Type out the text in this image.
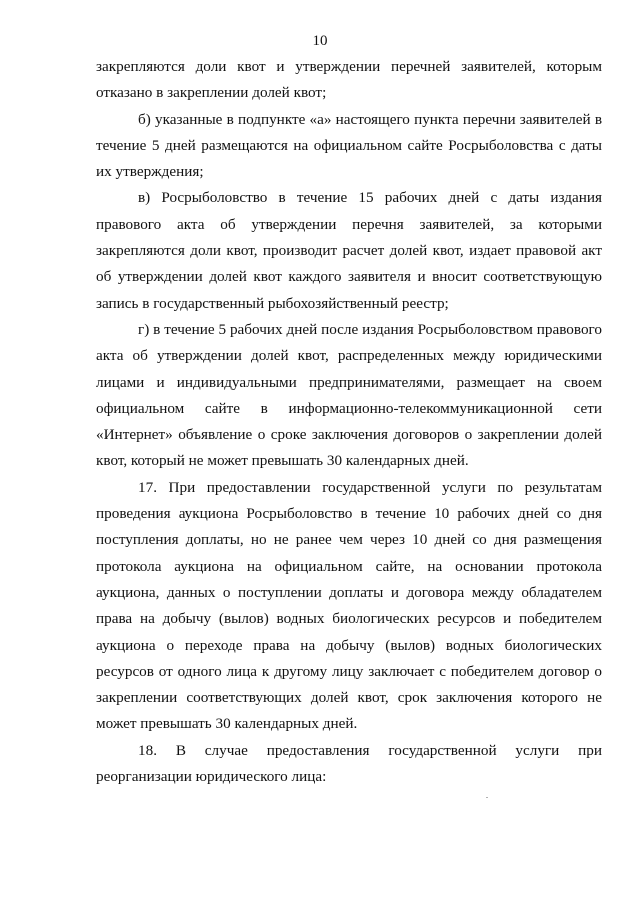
10
закрепляются доли квот и утверждении перечней заявителей, которым
отказано в закреплении долей квот;
б) указанные в подпункте «а» настоящего пункта перечни заявителей в
течение 5 дней размещаются на официальном сайте Росрыболовства с даты
их утверждения;
в) Росрыболовство в течение 15 рабочих дней с даты издания
правового акта об утверждении перечня заявителей, за которыми
закрепляются доли квот, производит расчет долей квот, издает правовой акт
об утверждении долей квот каждого заявителя и вносит соответствующую
запись в государственный рыбохозяйственный реестр;
г) в течение 5 рабочих дней после издания Росрыболовством правового
акта об утверждении долей квот, распределенных между юридическими
лицами и индивидуальными предпринимателями, размещает на своем
официальном сайте в информационно-телекоммуникационной сети
«Интернет» объявление о сроке заключения договоров о закреплении долей
квот, который не может превышать 30 календарных дней.
17. При предоставлении государственной услуги по результатам
проведения аукциона Росрыболовство в течение 10 рабочих дней со дня
поступления доплаты, но не ранее чем через 10 дней со дня размещения
протокола аукциона на официальном сайте, на основании протокола
аукциона, данных о поступлении доплаты и договора между обладателем
права на добычу (вылов) водных биологических ресурсов и победителем
аукциона о переходе права на добычу (вылов) водных биологических
ресурсов от одного лица к другому лицу заключает с победителем договор о
закреплении соответствующих долей квот, срок заключения которого не
может превышать 30 календарных дней.
18. В случае предоставления государственной услуги при
реорганизации юридического лица:
